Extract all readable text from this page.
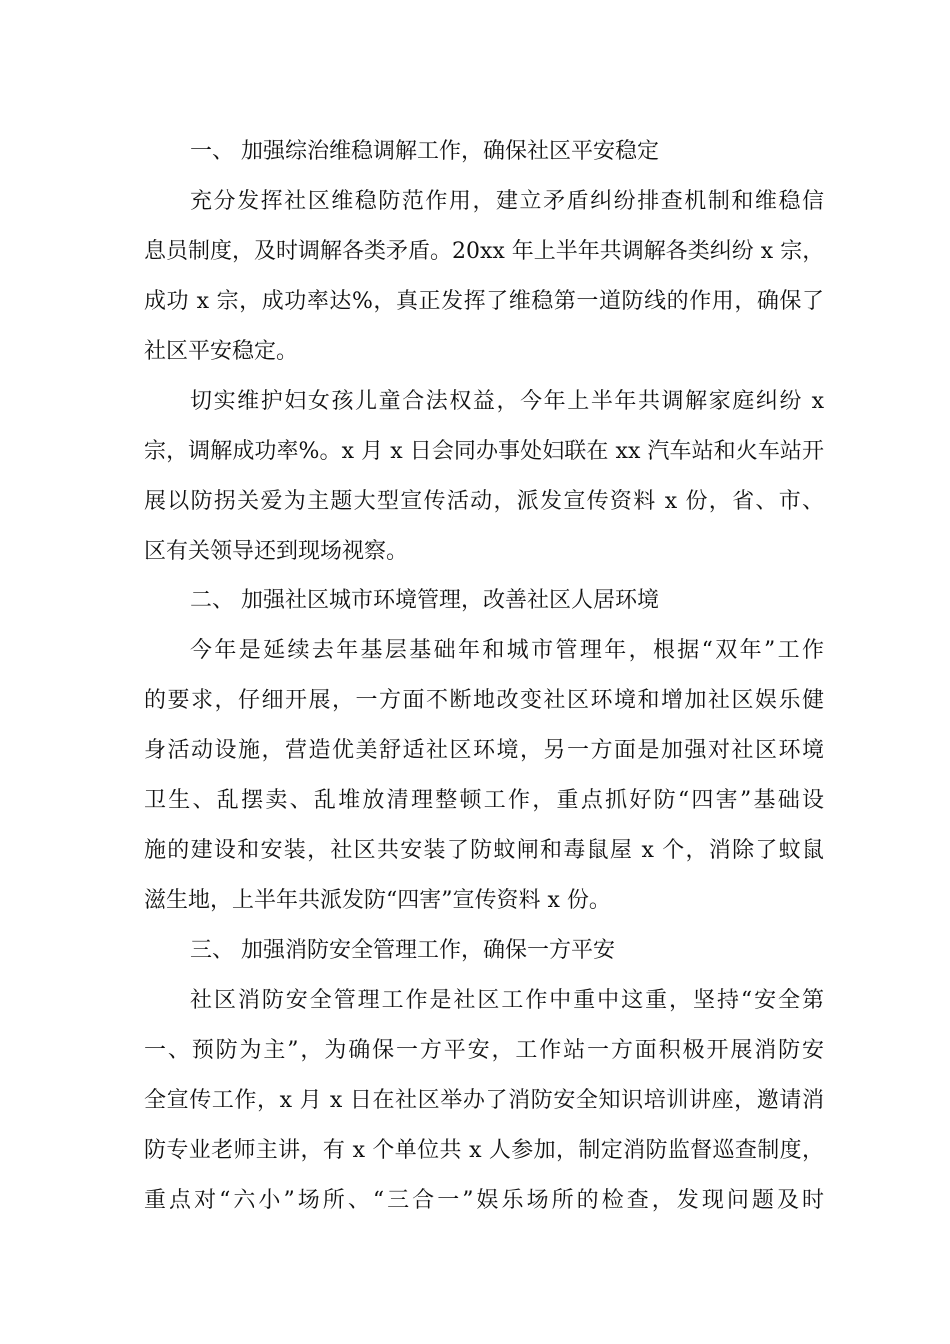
一、 加强综治维稳调解工作，确保社区平安稳定

充分发挥社区维稳防范作用，建立矛盾纠纷排查机制和维稳信

息员制度，及时调解各类矛盾。20xx 年上半年共调解各类纠纷 x 宗，

成功 x 宗，成功率达%，真正发挥了维稳第一道防线的作用，确保了

社区平安稳定。

切实维护妇女孩儿童合法权益，今年上半年共调解家庭纠纷 x

宗，调解成功率%。x 月 x 日会同办事处妇联在 xx 汽车站和火车站开

展以防拐关爱为主题大型宣传活动，派发宣传资料 x 份，省、市、

区有关领导还到现场视察。

二、 加强社区城市环境管理，改善社区人居环境

今年是延续去年基层基础年和城市管理年，根据“双年”工作

的要求，仔细开展，一方面不断地改变社区环境和增加社区娱乐健

身活动设施，营造优美舒适社区环境，另一方面是加强对社区环境

卫生、乱摆卖、乱堆放清理整顿工作，重点抓好防“四害”基础设

施的建设和安装，社区共安装了防蚊闸和毒鼠屋 x 个，消除了蚊鼠

滋生地，上半年共派发防“四害”宣传资料 x 份。

三、 加强消防安全管理工作，确保一方平安

社区消防安全管理工作是社区工作中重中这重，坚持“安全第

一、预防为主”，为确保一方平安，工作站一方面积极开展消防安

全宣传工作，x 月 x 日在社区举办了消防安全知识培训讲座，邀请消

防专业老师主讲，有 x 个单位共 x 人参加，制定消防监督巡查制度，

重点对“六小”场所、“三合一”娱乐场所的检查，发现问题及时
